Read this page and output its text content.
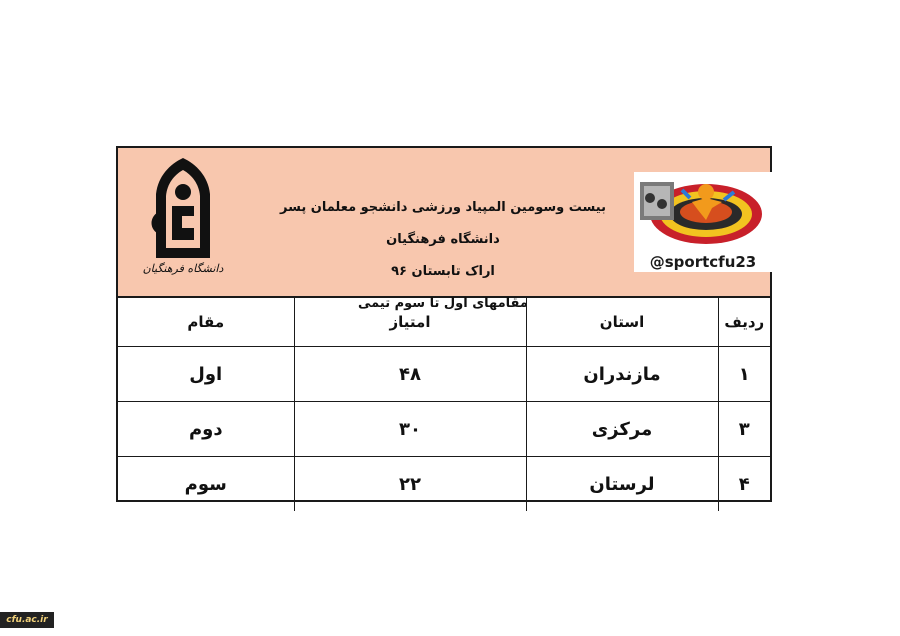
دانشگاه فرهنگیان
بیست وسومین المپیاد ورزشی دانشجو معلمان پسر دانشگاه فرهنگیان
اراک تابستان ۹۶
مقامهای اول تا سوم تیمی
@sportcfu23
ردیف	استان	امتیاز	مقام
۱	مازندران	۴۸	اول
۳	مرکزی	۳۰	دوم
۴	لرستان	۲۲	سوم
cfu.ac.ir
